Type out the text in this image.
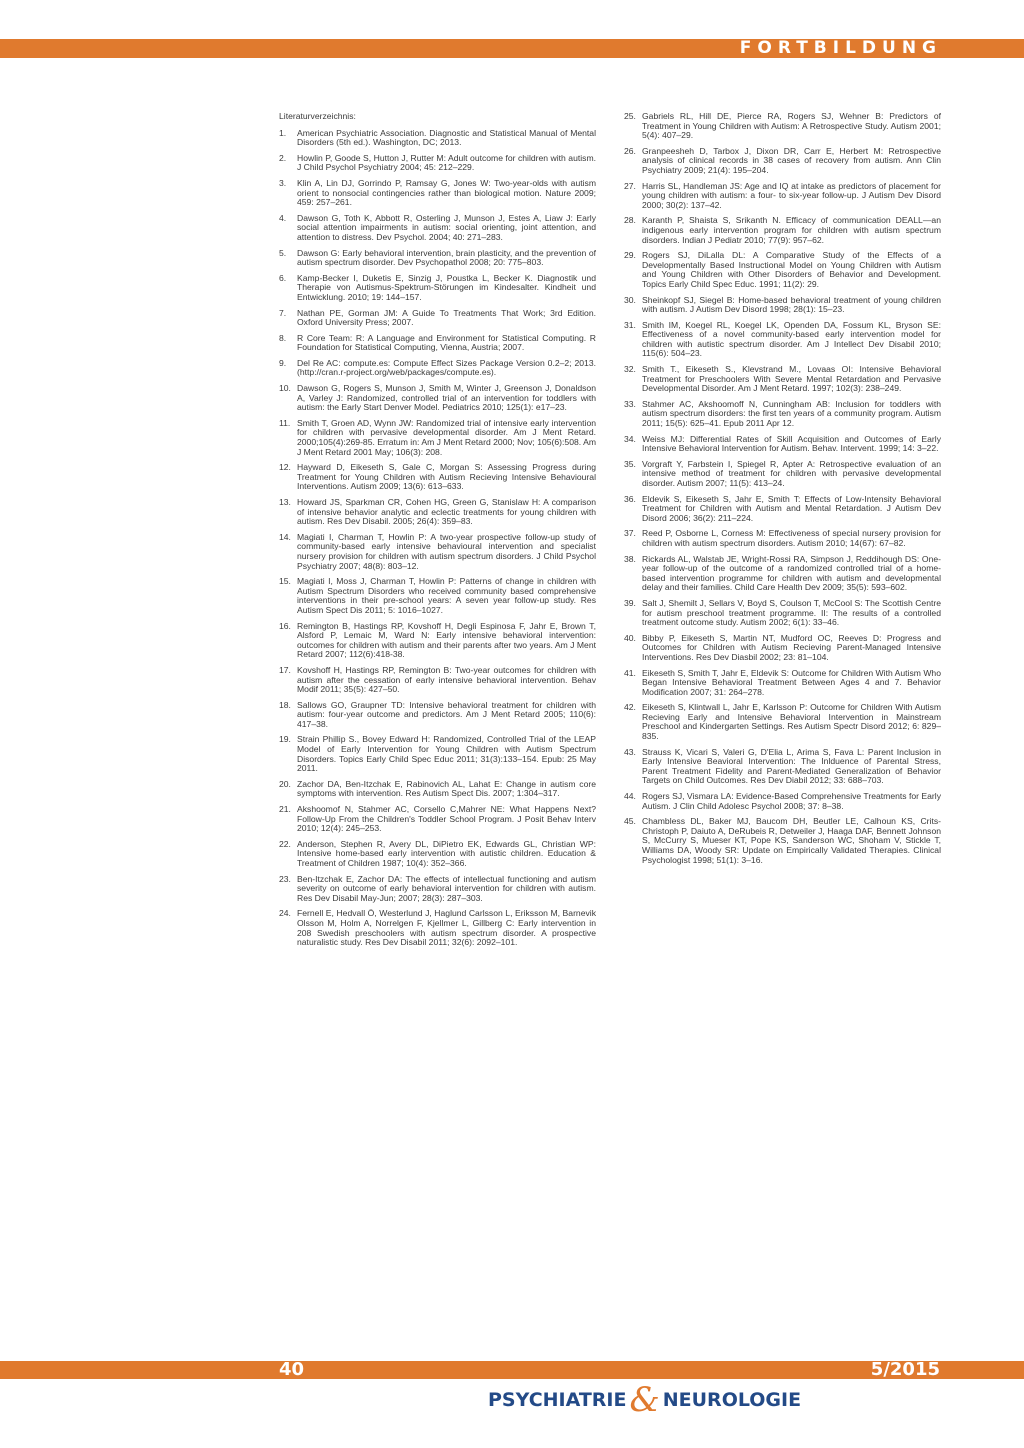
FORTBILDUNG
Literaturverzeichnis:
1. American Psychiatric Association. Diagnostic and Statistical Manual of Mental Disorders (5th ed.). Washington, DC; 2013.
2. Howlin P, Goode S, Hutton J, Rutter M: Adult outcome for children with autism. J Child Psychol Psychiatry 2004; 45: 212–229.
3. Klin A, Lin DJ, Gorrindo P, Ramsay G, Jones W: Two-year-olds with autism orient to nonsocial contingencies rather than biological motion. Nature 2009; 459: 257–261.
4. Dawson G, Toth K, Abbott R, Osterling J, Munson J, Estes A, Liaw J: Early social attention impairments in autism: social orienting, joint attention, and attention to distress. Dev Psychol. 2004; 40: 271–283.
5. Dawson G: Early behavioral intervention, brain plasticity, and the prevention of autism spectrum disorder. Dev Psychopathol 2008; 20: 775–803.
6. Kamp-Becker I, Duketis E, Sinzig J, Poustka L, Becker K. Diagnostik und Therapie von Autismus-Spektrum-Störungen im Kindesalter. Kindheit und Entwicklung. 2010; 19: 144–157.
7. Nathan PE, Gorman JM: A Guide To Treatments That Work; 3rd Edition. Oxford University Press; 2007.
8. R Core Team: R: A Language and Environment for Statistical Computing. R Foundation for Statistical Computing, Vienna, Austria; 2007.
9. Del Re AC: compute.es: Compute Effect Sizes Package Version 0.2–2; 2013. (http://cran.r-project.org/web/packages/compute.es).
10. Dawson G, Rogers S, Munson J, Smith M, Winter J, Greenson J, Donaldson A, Varley J: Randomized, controlled trial of an intervention for toddlers with autism: the Early Start Denver Model. Pediatrics 2010; 125(1): e17–23.
11. Smith T, Groen AD, Wynn JW: Randomized trial of intensive early intervention for children with pervasive developmental disorder. Am J Ment Retard. 2000;105(4):269-85. Erratum in: Am J Ment Retard 2000; Nov; 105(6):508. Am J Ment Retard 2001 May; 106(3): 208.
12. Hayward D, Eikeseth S, Gale C, Morgan S: Assessing Progress during Treatment for Young Children with Autism Recieving Intensive Behavioural Interventions. Autism 2009; 13(6): 613–633.
13. Howard JS, Sparkman CR, Cohen HG, Green G, Stanislaw H: A comparison of intensive behavior analytic and eclectic treatments for young children with autism. Res Dev Disabil. 2005; 26(4): 359–83.
14. Magiati I, Charman T, Howlin P: A two-year prospective follow-up study of community-based early intensive behavioural intervention and specialist nursery provision for children with autism spectrum disorders. J Child Psychol Psychiatry 2007; 48(8): 803–12.
15. Magiati I, Moss J, Charman T, Howlin P: Patterns of change in children with Autism Spectrum Disorders who received community based comprehensive interventions in their pre-school years: A seven year follow-up study. Res Autism Spect Dis 2011; 5: 1016–1027.
16. Remington B, Hastings RP, Kovshoff H, Degli Espinosa F, Jahr E, Brown T, Alsford P, Lemaic M, Ward N: Early intensive behavioral intervention: outcomes for children with autism and their parents after two years. Am J Ment Retard 2007; 112(6):418-38.
17. Kovshoff H, Hastings RP, Remington B: Two-year outcomes for children with autism after the cessation of early intensive behavioral intervention. Behav Modif 2011; 35(5): 427–50.
18. Sallows GO, Graupner TD: Intensive behavioral treatment for children with autism: four-year outcome and predictors. Am J Ment Retard 2005; 110(6): 417–38.
19. Strain Phillip S., Bovey Edward H: Randomized, Controlled Trial of the LEAP Model of Early Intervention for Young Children with Autism Spectrum Disorders. Topics Early Child Spec Educ 2011; 31(3):133–154. Epub: 25 May 2011.
20. Zachor DA, Ben-Itzchak E, Rabinovich AL, Lahat E: Change in autism core symptoms with intervention. Res Autism Spect Dis. 2007; 1:304–317.
21. Akshoomof N, Stahmer AC, Corsello C,Mahrer NE: What Happens Next? Follow-Up From the Children's Toddler School Program. J Posit Behav Interv 2010; 12(4): 245–253.
22. Anderson, Stephen R, Avery DL, DiPietro EK, Edwards GL, Christian WP: Intensive home-based early intervention with autistic children. Education & Treatment of Children 1987; 10(4): 352–366.
23. Ben-Itzchak E, Zachor DA: The effects of intellectual functioning and autism severity on outcome of early behavioral intervention for children with autism. Res Dev Disabil May-Jun; 2007; 28(3): 287–303.
24. Fernell E, Hedvall Ö, Westerlund J, Haglund Carlsson L, Eriksson M, Barnevik Olsson M, Holm A, Norrelgen F, Kjellmer L, Gillberg C: Early intervention in 208 Swedish preschoolers with autism spectrum disorder. A prospective naturalistic study. Res Dev Disabil 2011; 32(6): 2092–101.
25. Gabriels RL, Hill DE, Pierce RA, Rogers SJ, Wehner B: Predictors of Treatment in Young Children with Autism: A Retrospective Study. Autism 2001; 5(4): 407–29.
26. Granpeesheh D, Tarbox J, Dixon DR, Carr E, Herbert M: Retrospective analysis of clinical records in 38 cases of recovery from autism. Ann Clin Psychiatry 2009; 21(4): 195–204.
27. Harris SL, Handleman JS: Age and IQ at intake as predictors of placement for young children with autism: a four- to six-year follow-up. J Autism Dev Disord 2000; 30(2): 137–42.
28. Karanth P, Shaista S, Srikanth N. Efficacy of communication DEALL—an indigenous early intervention program for children with autism spectrum disorders. Indian J Pediatr 2010; 77(9): 957–62.
29. Rogers SJ, DiLalla DL: A Comparative Study of the Effects of a Developmentally Based Instructional Model on Young Children with Autism and Young Children with Other Disorders of Behavior and Development. Topics Early Child Spec Educ. 1991; 11(2): 29.
30. Sheinkopf SJ, Siegel B: Home-based behavioral treatment of young children with autism. J Autism Dev Disord 1998; 28(1): 15–23.
31. Smith IM, Koegel RL, Koegel LK, Openden DA, Fossum KL, Bryson SE: Effectiveness of a novel community-based early intervention model for children with autistic spectrum disorder. Am J Intellect Dev Disabil 2010; 115(6): 504–23.
32. Smith T., Eikeseth S., Klevstrand M., Lovaas OI: Intensive Behavioral Treatment for Preschoolers With Severe Mental Retardation and Pervasive Developmental Disorder. Am J Ment Retard. 1997; 102(3): 238–249.
33. Stahmer AC, Akshoomoff N, Cunningham AB: Inclusion for toddlers with autism spectrum disorders: the first ten years of a community program. Autism 2011; 15(5): 625–41. Epub 2011 Apr 12.
34. Weiss MJ: Differential Rates of Skill Acquisition and Outcomes of Early Intensive Behavioral Intervention for Autism. Behav. Intervent. 1999; 14: 3–22.
35. Vorgraft Y, Farbstein I, Spiegel R, Apter A: Retrospective evaluation of an intensive method of treatment for children with pervasive developmental disorder. Autism 2007; 11(5): 413–24.
36. Eldevik S, Eikeseth S, Jahr E, Smith T: Effects of Low-Intensity Behavioral Treatment for Children with Autism and Mental Retardation. J Autism Dev Disord 2006; 36(2): 211–224.
37. Reed P, Osborne L, Corness M: Effectiveness of special nursery provision for children with autism spectrum disorders. Autism 2010; 14(67): 67–82.
38. Rickards AL, Walstab JE, Wright-Rossi RA, Simpson J, Reddihough DS: One-year follow-up of the outcome of a randomized controlled trial of a home-based intervention programme for children with autism and developmental delay and their families. Child Care Health Dev 2009; 35(5): 593–602.
39. Salt J, Shemilt J, Sellars V, Boyd S, Coulson T, McCool S: The Scottish Centre for autism preschool treatment programme. II: The results of a controlled treatment outcome study. Autism 2002; 6(1): 33–46.
40. Bibby P, Eikeseth S, Martin NT, Mudford OC, Reeves D: Progress and Outcomes for Children with Autism Recieving Parent-Managed Intensive Interventions. Res Dev Diasbil 2002; 23: 81–104.
41. Eikeseth S, Smith T, Jahr E, Eldevik S: Outcome for Children With Autism Who Began Intensive Behavioral Treatment Between Ages 4 and 7. Behavior Modification 2007; 31: 264–278.
42. Eikeseth S, Klintwall L, Jahr E, Karlsson P: Outcome for Children With Autism Recieving Early and Intensive Behavioral Intervention in Mainstream Preschool and Kindergarten Settings. Res Autism Spectr Disord 2012; 6: 829–835.
43. Strauss K, Vicari S, Valeri G, D'Elia L, Arima S, Fava L: Parent Inclusion in Early Intensive Beavioral Intervention: The Inlduence of Parental Stress, Parent Treatment Fidelity and Parent-Mediated Generalization of Behavior Targets on Child Outcomes. Res Dev Diabil 2012; 33: 688–703.
44. Rogers SJ, Vismara LA: Evidence-Based Comprehensive Treatments for Early Autism. J Clin Child Adolesc Psychol 2008; 37: 8–38.
45. Chambless DL, Baker MJ, Baucom DH, Beutler LE, Calhoun KS, Crits-Christoph P, Daiuto A, DeRubeis R, Detweiler J, Haaga DAF, Bennett Johnson S, McCurry S, Mueser KT, Pope KS, Sanderson WC, Shoham V, Stickle T, Williams DA, Woody SR: Update on Empirically Validated Therapies. Clinical Psychologist 1998; 51(1): 3–16.
40	5/2015
PSYCHIATRIE & NEUROLOGIE
